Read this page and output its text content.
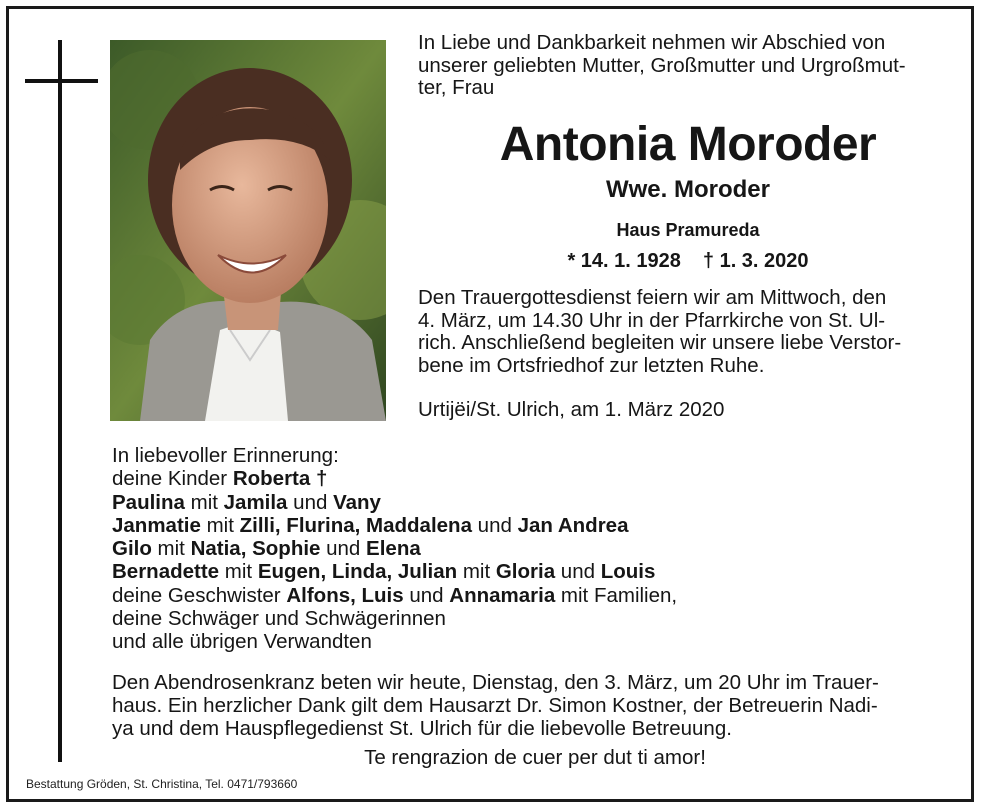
In Liebe und Dankbarkeit nehmen wir Abschied von
unserer geliebten Mutter, Großmutter und Urgroßmut-
ter, Frau

Antonia Moroder

Wwe. Moroder

Haus Pramureda

* 14. 1. 1928 † 1. 3. 2020

Den Trauergottesdienst feiern wir am Mittwoch, den
4. März, um 14.30 Uhr in der Pfarrkirche von St. Ul-
rich. Anschließend begleiten wir unsere liebe Verstor-
bene im Ortsfriedhof zur letzten Ruhe.

Urtijëi/St. Ulrich, am 1. März 2020

In liebevoller Erinnerung:

deine Kinder Roberta †

Paulina mit Jamila und Vany

Janmatie mit Zilli, Flurina, Maddalena und Jan Andrea

Gilo mit Natia, Sophie und Elena

Bernadette mit Eugen, Linda, Julian mit Gloria und Louis

deine Geschwister Alfons, Luis und Annamaria mit Familien,

deine Schwäger und Schwägerinnen

und alle übrigen Verwandten

Den Abendrosenkranz beten wir heute, Dienstag, den 3. März, um 20 Uhr im Trauer-
haus. Ein herzlicher Dank gilt dem Hausarzt Dr. Simon Kostner, der Betreuerin Nadi-
ya und dem Hauspflegedienst St. Ulrich für die liebevolle Betreuung.

Te rengrazion de cuer per dut ti amor!

Bestattung Gröden, St. Christina, Tel. 0471/793660
